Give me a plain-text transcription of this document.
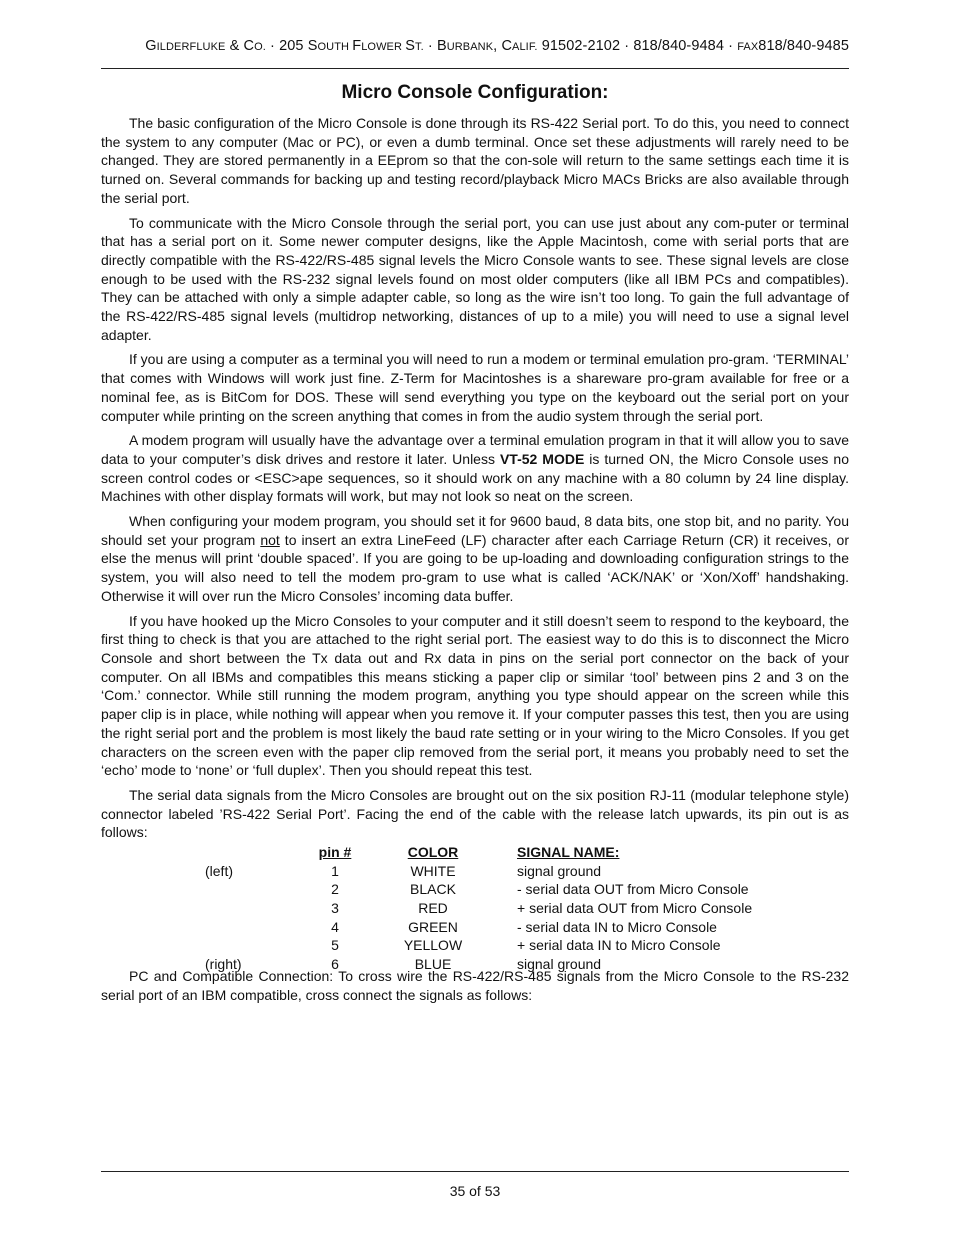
GILDERFLUKE & CO. · 205 SOUTH FLOWER ST. · BURBANK, CALIF. 91502-2102 · 818/840-9484 · FAX818/840-9485
Micro Console Configuration:

The basic configuration of the Micro Console is done through its RS-422 Serial port. To do this, you need to connect the system to any computer (Mac or PC), or even a dumb terminal. Once set these adjustments will rarely need to be changed. They are stored permanently in a EEprom so that the con-sole will return to the same settings each time it is turned on. Several commands for backing up and testing record/playback Micro MACs Bricks are also available through the serial port.

To communicate with the Micro Console through the serial port, you can use just about any com-puter or terminal that has a serial port on it. Some newer computer designs, like the Apple Macintosh, come with serial ports that are directly compatible with the RS-422/RS-485 signal levels the Micro Console wants to see. These signal levels are close enough to be used with the RS-232 signal levels found on most older computers (like all IBM PCs and compatibles). They can be attached with only a simple adapter cable, so long as the wire isn’t too long. To gain the full advantage of the RS-422/RS-485 signal levels (multidrop networking, distances of up to a mile) you will need to use a signal level adapter.

If you are using a computer as a terminal you will need to run a modem or terminal emulation pro-gram. ‘TERMINAL’ that comes with Windows will work just fine. Z-Term for Macintoshes is a shareware pro-gram available for free or a nominal fee, as is BitCom for DOS. These will send everything you type on the keyboard out the serial port on your computer while printing on the screen anything that comes in from the audio system through the serial port.

A modem program will usually have the advantage over a terminal emulation program in that it will allow you to save data to your computer’s disk drives and restore it later. Unless VT-52 MODE is turned ON, the Micro Console uses no screen control codes or <ESC>ape sequences, so it should work on any machine with a 80 column by 24 line display. Machines with other display formats will work, but may not look so neat on the screen.

When configuring your modem program, you should set it for 9600 baud, 8 data bits, one stop bit, and no parity. You should set your program not to insert an extra LineFeed (LF) character after each Carriage Return (CR) it receives, or else the menus will print ‘double spaced’. If you are going to be up-loading and downloading configuration strings to the system, you will also need to tell the modem pro-gram to use what is called ‘ACK/NAK’ or ‘Xon/Xoff’ handshaking. Otherwise it will over run the Micro Consoles’ incoming data buffer.

If you have hooked up the Micro Consoles to your computer and it still doesn’t seem to respond to the keyboard, the first thing to check is that you are attached to the right serial port. The easiest way to do this is to disconnect the Micro Console and short between the Tx data out and Rx data in pins on the serial port connector on the back of your computer. On all IBMs and compatibles this means sticking a paper clip or similar ‘tool’ between pins 2 and 3 on the ‘Com.’ connector. While still running the modem program, anything you type should appear on the screen while this paper clip is in place, while nothing will appear when you remove it. If your computer passes this test, then you are using the right serial port and the problem is most likely the baud rate setting or in your wiring to the Micro Consoles. If you get characters on the screen even with the paper clip removed from the serial port, it means you probably need to set the ‘echo’ mode to ‘none’ or ‘full duplex’. Then you should repeat this test.

The serial data signals from the Micro Consoles are brought out on the six position RJ-11 (modular telephone style) connector labeled ’RS-422 Serial Port’. Facing the end of the cable with the release latch upwards, its pin out is as follows:

pin #	COLOR	SIGNAL NAME:
(left)	1	WHITE	signal ground
2	BLACK	- serial data OUT from Micro Console
3	RED	+ serial data OUT from Micro Console
4	GREEN	- serial data IN to Micro Console
5	YELLOW	+ serial data IN to Micro Console
(right)	6	BLUE	signal ground

PC and Compatible Connection: To cross wire the RS-422/RS-485 signals from the Micro Console to the RS-232 serial port of an IBM compatible, cross connect the signals as follows:

35 of 53
